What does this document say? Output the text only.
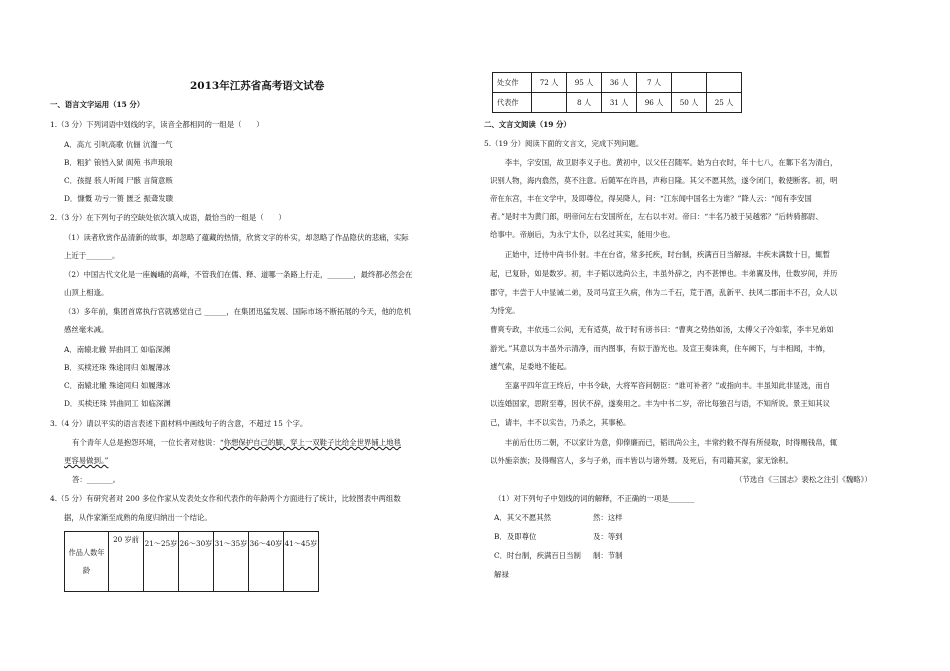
2013年江苏省高考语文试卷
一、语言文字运用（15 分）
1.（3 分）下列词语中划线的字，读音全都相同的一组是（　　）
A．高亢 引吭高歌 伉俪 沆瀣一气
B．粗犷 锒铛入狱 阆苑 书声琅琅
C．孩提 骇人听闻 尸骸 言简意赅
D．慷慨 功亏一篑 匮乏 振聋发聩
2.（3 分）在下列句子的空缺处依次填入成语，最恰当的一组是（　　）
（1）读者欣赏作品清新的故事，却忽略了蕴藏的热情，欣赏文字的朴实，却忽略了作品隐伏的悲痛，实际
上近于_______。
（2）中国古代文化是一座巍峨的高峰，不管我们在儒、释、道哪一条路上行走，_______，最终都必然会在
山顶上相逢。
（3）多年前，集团首席执行官就感觉自己 ______，在集团迅猛发展、国际市场不断拓展的今天，他的危机
感丝毫未减。
A．南辕北辙 异曲同工 如临深渊
B．买椟还珠 殊途同归 如履薄冰
C．南辕北辙 殊途同归 如履薄冰
D．买椟还珠 异曲同工 如临深渊
3.（4 分）请以平实的语言表述下面材料中画线句子的含意，不超过 15 个字。
有个青年人总是抱怨环境，一位长者对他说：“你想保护自己的脚，穿上一双鞋子比给全世界铺上地毯
更容易做到。”
答：_______。
4.（5 分）有研究者对 200 多位作家从发表处女作和代表作的年龄两个方面进行了统计，比较图表中两组数
据，从作家渐至成熟的角度归纳出一个结论。
作品人数年龄	20 岁前	21～25岁	26～30岁	31～35岁	36～40岁	41～45岁
处女作	72 人	95 人	36 人	7 人		
代表作		8 人	31 人	96 人	50 人	25 人
二、文言文阅读（19 分）
5.（19 分）阅读下面的文言文，完成下列问题。
　　李丰，字安国，故卫尉李义子也。黄初中，以父任召随军。始为白衣时，年十七八，在鄴下名为清白，
识别人物，海内翕然，莫不注意。后随军在许昌，声称日隆。其父不愿其然，遂令闭门，敕使断客。初，明
帝在东宫，丰在文学中，及即尊位，得吴降人，问：“江东闻中国名士为谁？”降人云：“闻有李安国
者。”是时丰为黄门郎，明帝问左右安国所在，左右以丰对。帝曰：“丰名乃被于吴越邪？”后转骑都尉、
给事中。帝崩后，为永宁太仆，以名过其实，能用少也。
　　正始中，迁侍中尚书仆射。丰在台省，常多托疾，时台制，疾满百日当解禄。丰疾未满数十日，辄暂
起，已复卧，如是数岁。初，丰子韬以选尚公主，丰虽外辞之，内不甚惮也。丰弟翼及伟，仕数岁间，并历
郡守，丰尝于人中显诫二弟，及司马宣王久病，伟为二千石，荒于酒，乱新平、扶风二郡而丰不召，众人以
为恃宠。
曹爽专政，丰依违二公间，无有适莫，故于时有谤书曰：“曹爽之势热如汤，太傅父子冷如浆，李丰兄弟如
游光。”其意以为丰虽外示清净，而内图事，有似于游光也。及宣王奏诛爽，住车阙下，与丰相闻，丰怖，
遽气索，足委地不能起。
　　至嘉平四年宣王终后，中书令缺，大将军咨问朝臣：“谁可补者？”或指向丰。丰虽知此非显选，而自
以连婚国家，思附至尊，因伏不辞，遂奏用之。丰为中书二岁，帝比每独召与语，不知所说。景王知其议
己，请丰，丰不以实告，乃杀之，其事秘。
　　丰前后仕历二朝，不以家计为意，仰俸廉而已，韬讯尚公主，丰常约敕不得有所侵取，时得赐钱帛，辄
以外施亲族；及得赐宫人，多与子弟，而丰皆以与诸外甥。及死后，有司籍其家，家无馀积。
（节选自《三国志》裴松之注引《魏略》）
（1）对下列句子中划线的词的解释，不正确的一项是_______
A．其父不愿其然	然：这样
B．及即尊位	及：等到
C．时台制，疾满百日当制 制：节制
解禄
